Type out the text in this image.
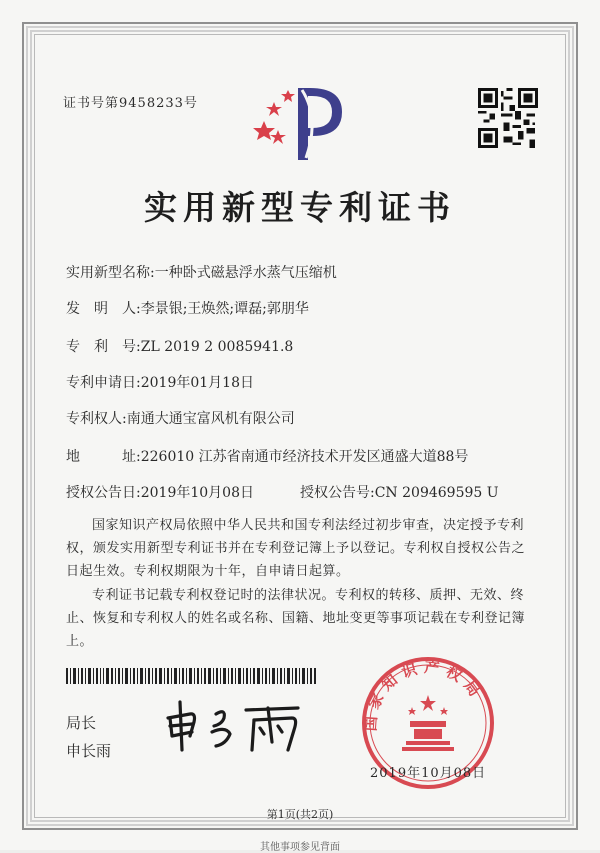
证书号第9458233号
实用新型专利证书
实用新型名称:一种卧式磁悬浮水蒸气压缩机
发　明　人:李景银;王焕然;谭磊;郭朋华
专　利　号:ZL 2019 2 0085941.8
专利申请日:2019年01月18日
专利权人:南通大通宝富风机有限公司
地　　　址:226010 江苏省南通市经济技术开发区通盛大道88号
授权公告日:2019年10月08日	授权公告号:CN 209469595 U
国家知识产权局依照中华人民共和国专利法经过初步审查，决定授予专利权，颁发实用新型专利证书并在专利登记簿上予以登记。专利权自授权公告之日起生效。专利权期限为十年，自申请日起算。
专利证书记载专利权登记时的法律状况。专利权的转移、质押、无效、终止、恢复和专利权人的姓名或名称、国籍、地址变更等事项记载在专利登记簿上。
局长
申长雨
国家知识产权局
2019年10月08日
第1页(共2页)
其他事项参见背面
